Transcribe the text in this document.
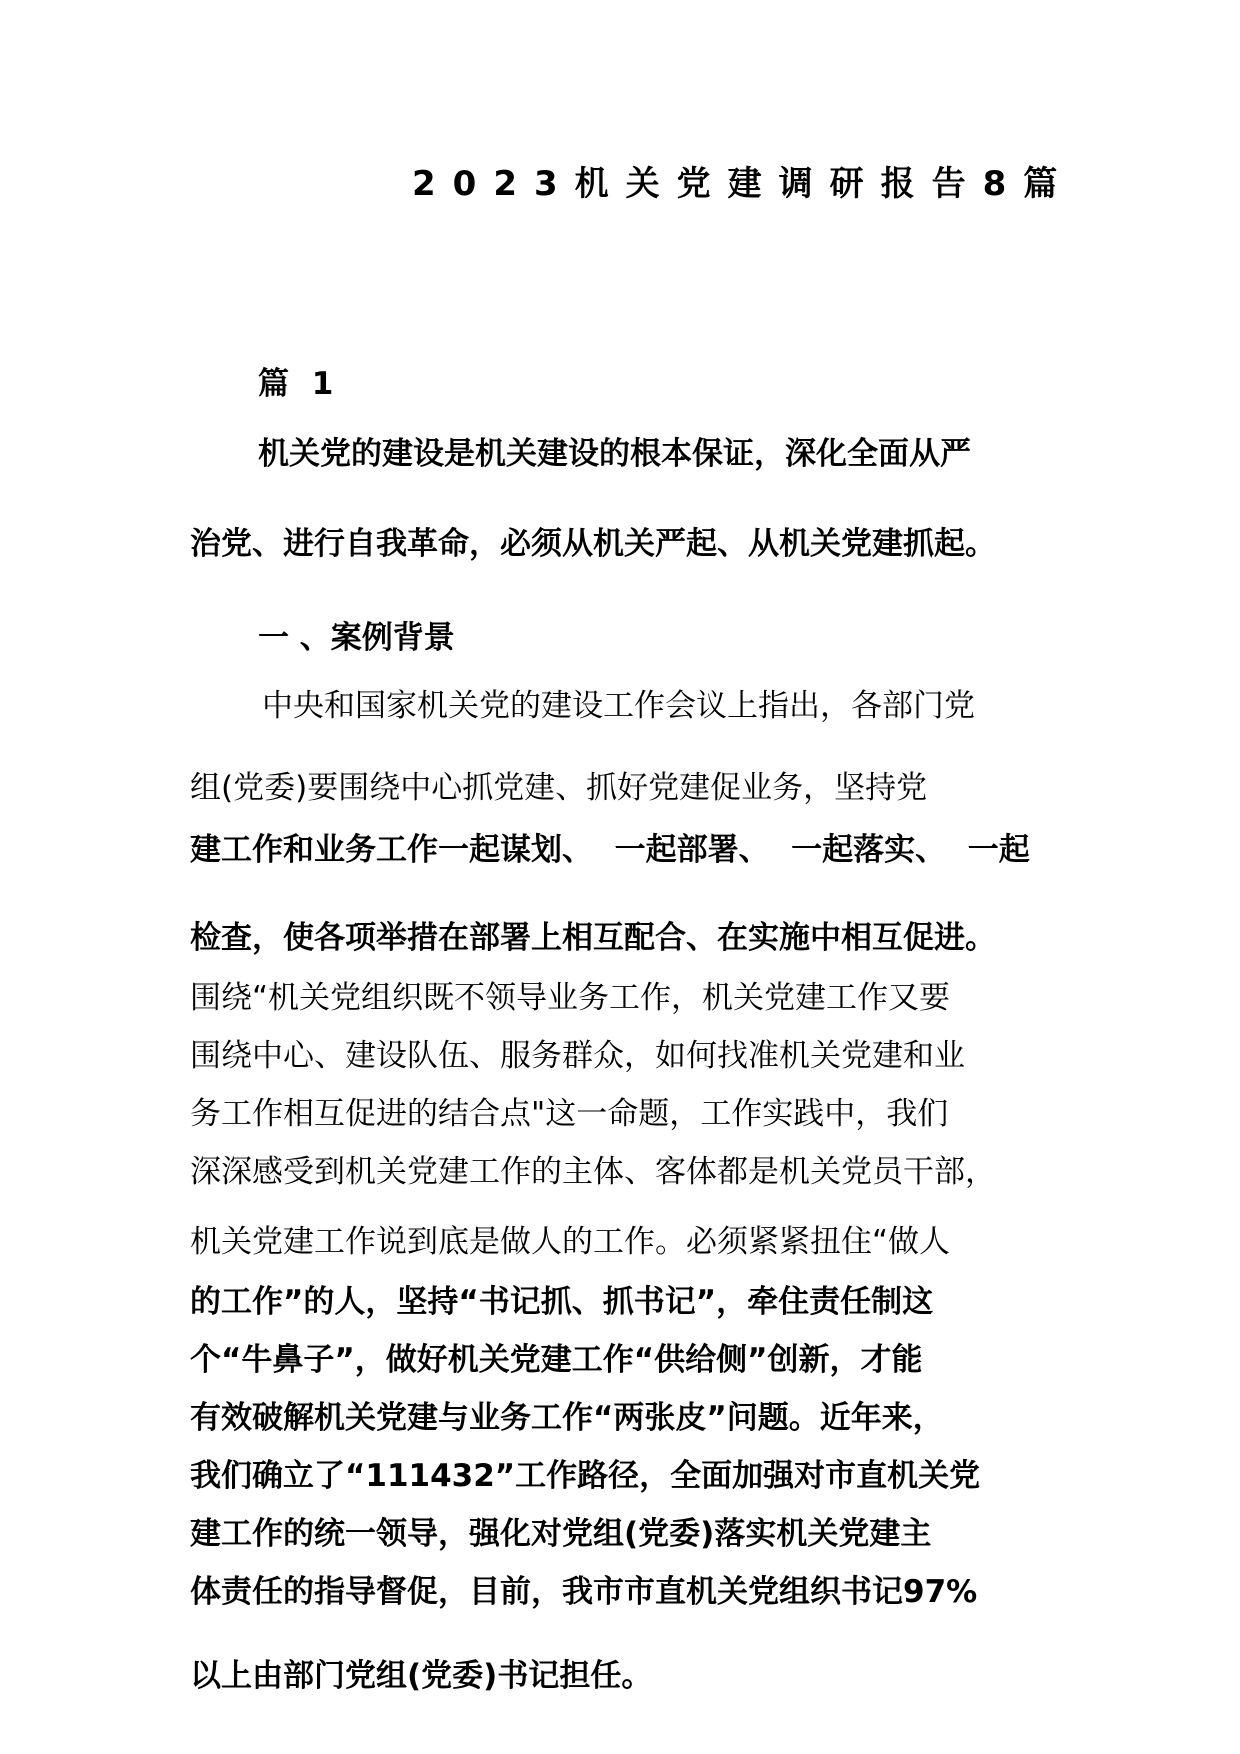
2023机关党建调研报告8篇
篇 1
机关党的建设是机关建设的根本保证，深化全面从严
治党、进行自我革命，必须从机关严起、从机关党建抓起。
一 、案例背景
中央和国家机关党的建设工作会议上指出，各部门党
组(党委)要围绕中心抓党建、抓好党建促业务，坚持党
建工作和业务工作一起谋划、  一起部署、  一起落实、  一起
检查，使各项举措在部署上相互配合、在实施中相互促进。
围绕“机关党组织既不领导业务工作，机关党建工作又要
围绕中心、建设队伍、服务群众，如何找准机关党建和业
务工作相互促进的结合点"这一命题，工作实践中，我们
深深感受到机关党建工作的主体、客体都是机关党员干部，
机关党建工作说到底是做人的工作。必须紧紧扭住“做人
的工作”的人，坚持“书记抓、抓书记”，牵住责任制这
个“牛鼻子”，做好机关党建工作“供给侧”创新，才能
有效破解机关党建与业务工作“两张皮”问题。近年来，
我们确立了“111432”工作路径，全面加强对市直机关党
建工作的统一领导，强化对党组(党委)落实机关党建主
体责任的指导督促，目前，我市市直机关党组织书记97%
以上由部门党组(党委)书记担任。
